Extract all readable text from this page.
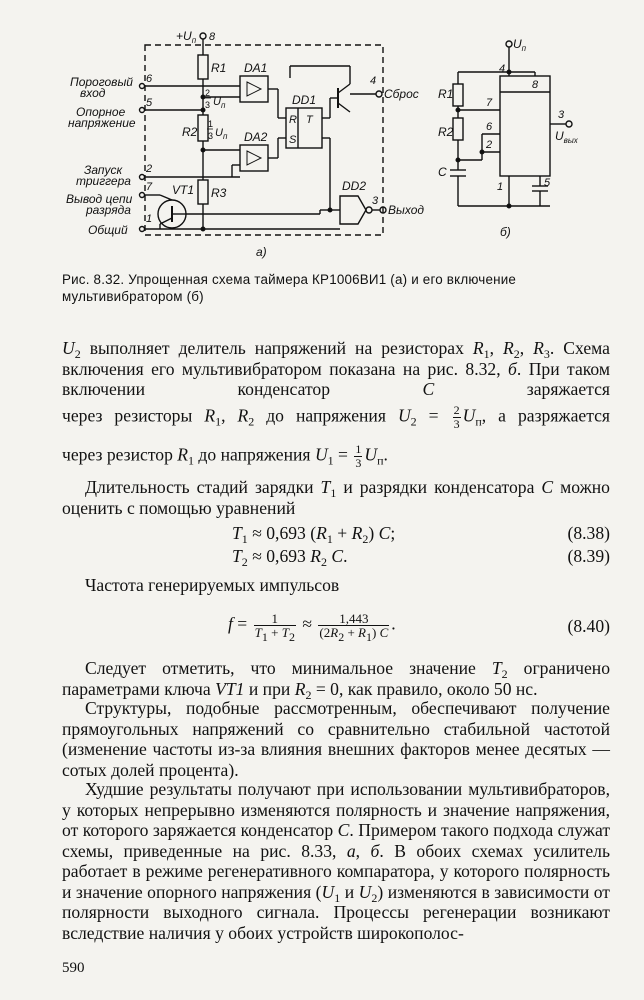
$+U_п$ 8
R1
R2
R3
2
3 $U_п$
1
3 $U_п$
Пороговый вход
Опорное напряжение
Запуск триггера
Вывод цепи разряда
Общий
6
5
2
7
1
DA1
DA2
R
S
T
DD1
4
Сброс
DD2
3
Выход
VT1
a)
$U_п$
4
8
R1
7
R2	6
2
C
1	5
3
$U_{вых}$
б)
Рис. 8.32. Упрощенная схема таймера КР1006ВИ1 (а) и его включение мультивибратором (б)
$U_2$ выполняет делитель напряжений на резисторах $R_1$, $R_2$, $R_3$. Схема включения его мультивибратором показана на рис. 8.32, б. При таком включении конденсатор C заряжается
через резисторы $R_1$, $R_2$ до напряжения $U_2 = \frac{2}{3} U_п$, а разряжается
через резистор $R_1$ до напряжения $U_1 = \frac{1}{3} U_п$.
Длительность стадий зарядки $T_1$ и разрядки конденсатора C можно оценить с помощью уравнений
$T_1 \approx 0,693$ $(R_1 + R_2)$ C;	(8.38)
$T_2 \approx 0,693$ $R_2$ C.	(8.39)
Частота генерируемых импульсов
$f = \frac{1}{T_1 + T_2} \approx \frac{1,443}{(2R_2 + R_1) C}$ .	(8.40)
Следует отметить, что минимальное значение $T_2$ ограничено параметрами ключа VT1 и при $R_2 = 0$, как правило, около 50 нс.
Структуры, подобные рассмотренным, обеспечивают получение прямоугольных напряжений со сравнительно стабильной частотой (изменение частоты из-за влияния внешних факторов менее десятых — сотых долей процента).
Худшие результаты получают при использовании мультивибраторов, у которых непрерывно изменяются полярность и значение напряжения, от которого заряжается конденсатор C. Примером такого подхода служат схемы, приведенные на рис. 8.33, а, б. В обоих схемах усилитель работает в режиме регенеративного компаратора, у которого полярность и значение опорного напряжения ($U_1$ и $U_2$) изменяются в зависимости от полярности выходного сигнала. Процессы регенерации возникают вследствие наличия у обоих устройств широкополос-
590
